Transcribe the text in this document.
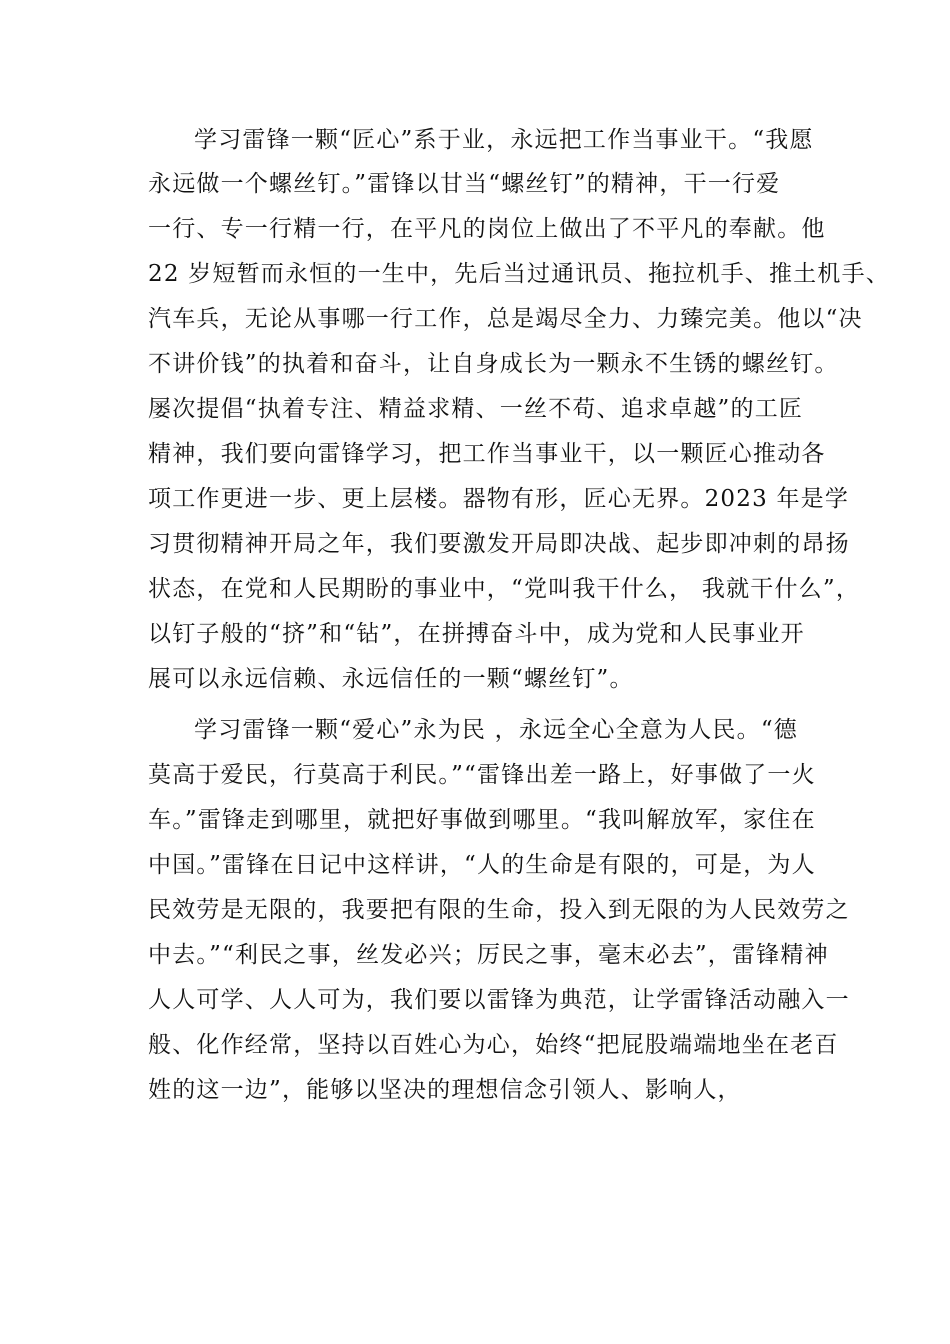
学习雷锋一颗“匠心”系于业，永远把工作当事业干。“我愿
永远做一个螺丝钉。”雷锋以甘当“螺丝钉”的精神，干一行爱
一行、专一行精一行，在平凡的岗位上做出了不平凡的奉献。他
22 岁短暂而永恒的一生中，先后当过通讯员、拖拉机手、推土机手、
汽车兵，无论从事哪一行工作，总是竭尽全力、力臻完美。他以“决
不讲价钱”的执着和奋斗，让自身成长为一颗永不生锈的螺丝钉。
屡次提倡“执着专注、精益求精、一丝不苟、追求卓越”的工匠
精神，我们要向雷锋学习，把工作当事业干，以一颗匠心推动各
项工作更进一步、更上层楼。器物有形，匠心无界。2023 年是学
习贯彻精神开局之年，我们要激发开局即决战、起步即冲刺的昂扬
状态，在党和人民期盼的事业中，“党叫我干什么， 我就干什么”，
以钉子般的“挤”和“钻”，在拼搏奋斗中，成为党和人民事业开
展可以永远信赖、永远信任的一颗“螺丝钉”。
学习雷锋一颗“爱心”永为民 ，永远全心全意为人民。“德
莫高于爱民，行莫高于利民。”“雷锋出差一路上，好事做了一火
车。”雷锋走到哪里，就把好事做到哪里。“我叫解放军，家住在
中国。”雷锋在日记中这样讲，“人的生命是有限的，可是，为人
民效劳是无限的，我要把有限的生命，投入到无限的为人民效劳之
中去。”“利民之事，丝发必兴；厉民之事，毫末必去”，雷锋精神
人人可学、人人可为，我们要以雷锋为典范，让学雷锋活动融入一
般、化作经常，坚持以百姓心为心，始终“把屁股端端地坐在老百
姓的这一边”，能够以坚决的理想信念引领人、影响人，
